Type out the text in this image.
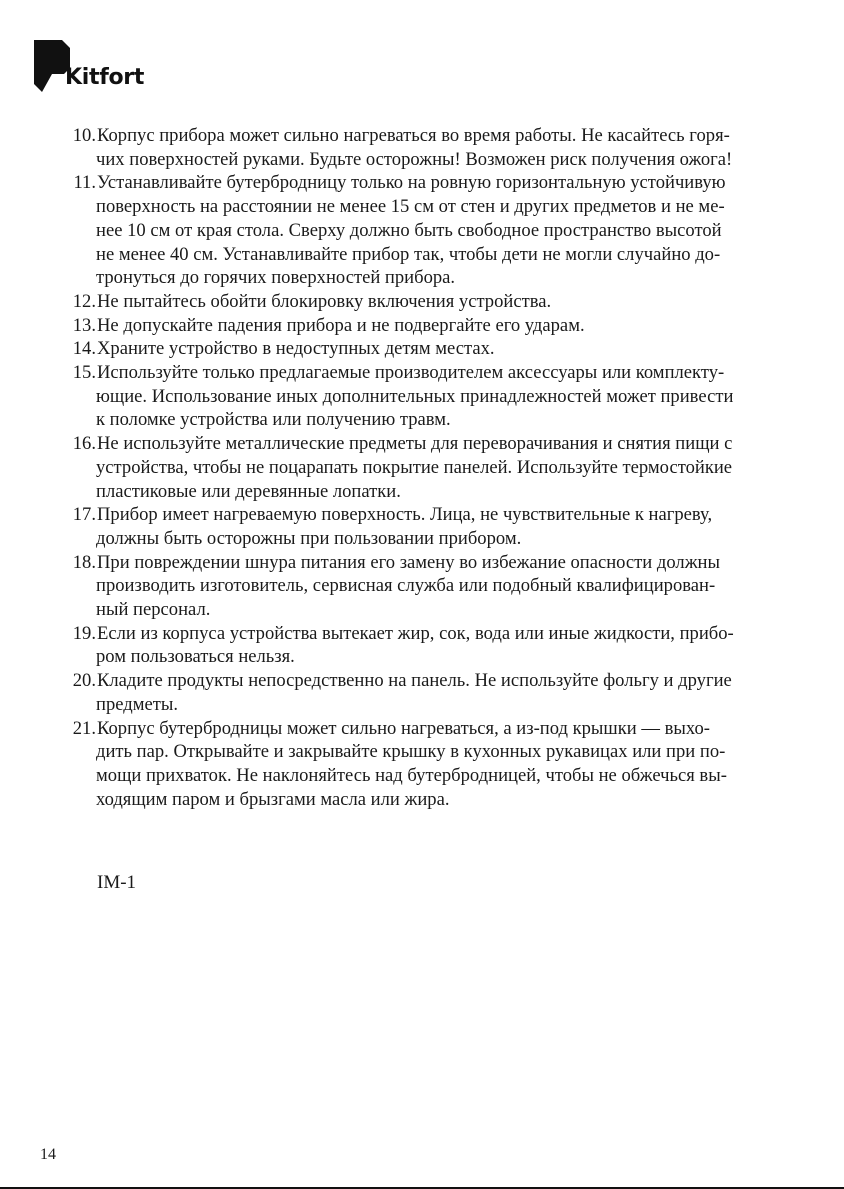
Kitfort
10. Корпус прибора может сильно нагреваться во время работы. Не касайтесь горя-
чих поверхностей руками. Будьте осторожны! Возможен риск получения ожога!
11. Устанавливайте бутербродницу только на ровную горизонтальную устойчивую
поверхность на расстоянии не менее 15 см от стен и других предметов и не ме-
нее 10 см от края стола. Сверху должно быть свободное пространство высотой
не менее 40 см. Устанавливайте прибор так, чтобы дети не могли случайно до-
тронуться до горячих поверхностей прибора.
12. Не пытайтесь обойти блокировку включения устройства.
13. Не допускайте падения прибора и не подвергайте его ударам.
14. Храните устройство в недоступных детям местах.
15. Используйте только предлагаемые производителем аксессуары или комплекту-
ющие. Использование иных дополнительных принадлежностей может привести
к поломке устройства или получению травм.
16. Не используйте металлические предметы для переворачивания и снятия пищи с
устройства, чтобы не поцарапать покрытие панелей. Используйте термостойкие
пластиковые или деревянные лопатки.
17. Прибор имеет нагреваемую поверхность. Лица, не чувствительные к нагреву,
должны быть осторожны при пользовании прибором.
18. При повреждении шнура питания его замену во избежание опасности должны
производить изготовитель, сервисная служба или подобный квалифицирован-
ный персонал.
19. Если из корпуса устройства вытекает жир, сок, вода или иные жидкости, прибо-
ром пользоваться нельзя.
20. Кладите продукты непосредственно на панель. Не используйте фольгу и другие
предметы.
21. Корпус бутербродницы может сильно нагреваться, а из-под крышки — выхо-
дить пар. Открывайте и закрывайте крышку в кухонных рукавицах или при по-
мощи прихваток. Не наклоняйтесь над бутербродницей, чтобы не обжечься вы-
ходящим паром и брызгами масла или жира.
IM-1
14
